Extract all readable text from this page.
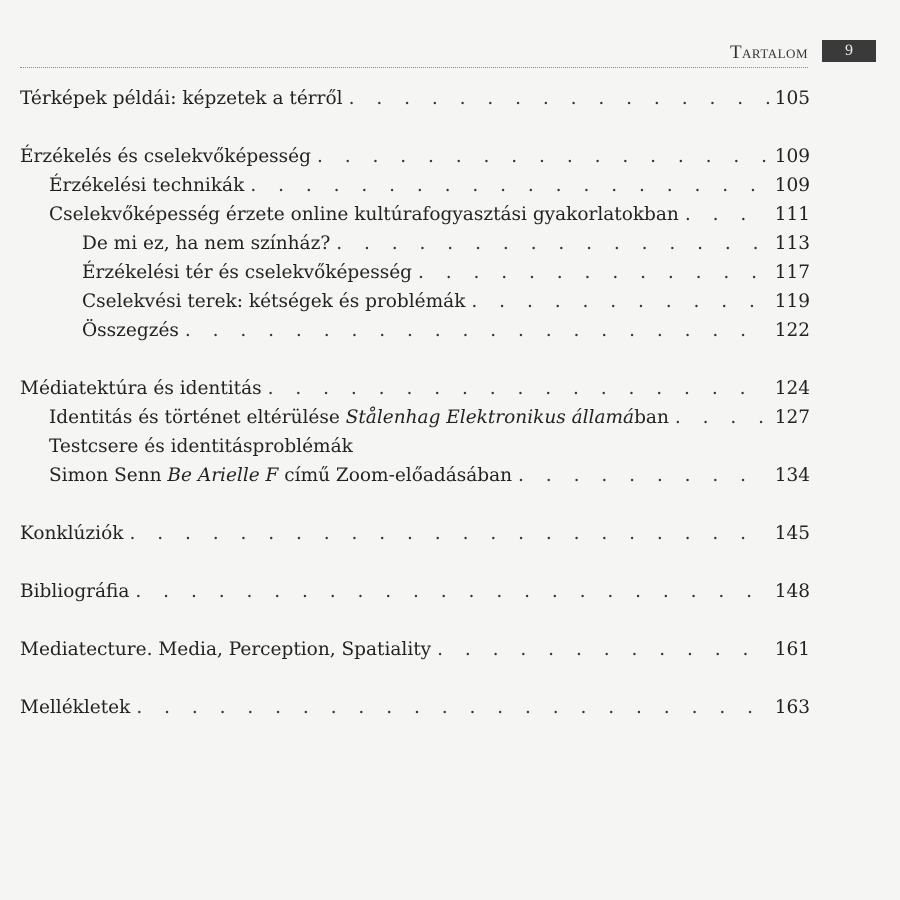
Tartalom	9
Térképek példái: képzetek a térről . . .	105
Érzékelés és cselekvőképesség . . .	109
Érzékelési technikák . . .	109
Cselekvőképesség érzete online kultúrafogyasztási gyakorlatokban . . .	111
De mi ez, ha nem színház? . . .	113
Érzékelési tér és cselekvőképesség . . .	117
Cselekvési terek: kétségek és problémák . . .	119
Összegzés . . .	122
Médiatektúra és identitás . . .	124
Identitás és történet eltérülése Stålenhag Elektronikus államában . . .	127
Testcsere és identitásproblémák
Simon Senn Be Arielle F című Zoom-előadásában . . .	134
Konklúziók . . .	145
Bibliográfia . . .	148
Mediatecture. Media, Perception, Spatiality . . .	161
Mellékletek . . .	163
